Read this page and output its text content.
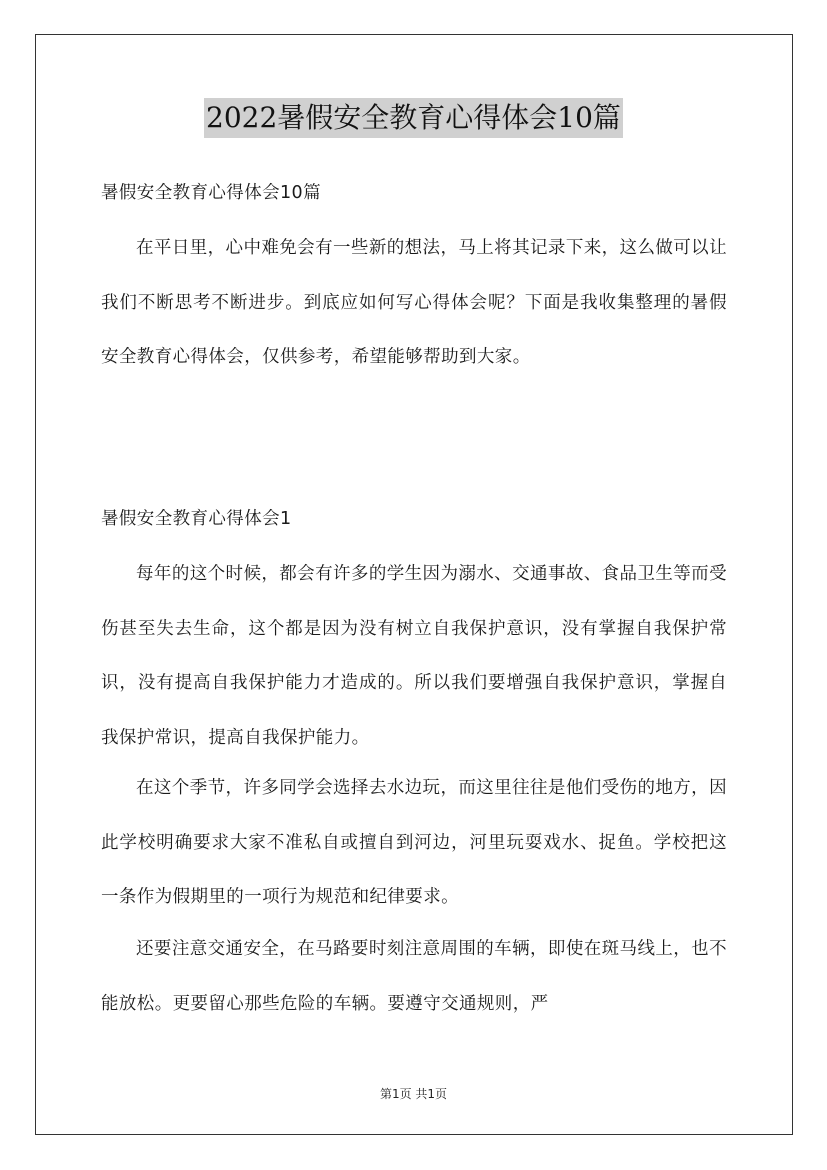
2022暑假安全教育心得体会10篇

暑假安全教育心得体会10篇

在平日里，心中难免会有一些新的想法，马上将其记录下来，这么做可以让我们不断思考不断进步。到底应如何写心得体会呢？下面是我收集整理的暑假安全教育心得体会，仅供参考，希望能够帮助到大家。

暑假安全教育心得体会1

每年的这个时候，都会有许多的学生因为溺水、交通事故、食品卫生等而受伤甚至失去生命，这个都是因为没有树立自我保护意识，没有掌握自我保护常识，没有提高自我保护能力才造成的。所以我们要增强自我保护意识，掌握自我保护常识，提高自我保护能力。

在这个季节，许多同学会选择去水边玩，而这里往往是他们受伤的地方，因此学校明确要求大家不准私自或擅自到河边，河里玩耍戏水、捉鱼。学校把这一条作为假期里的一项行为规范和纪律要求。

还要注意交通安全，在马路要时刻注意周围的车辆，即使在斑马线上，也不能放松。更要留心那些危险的车辆。要遵守交通规则，严

第1页 共1页
